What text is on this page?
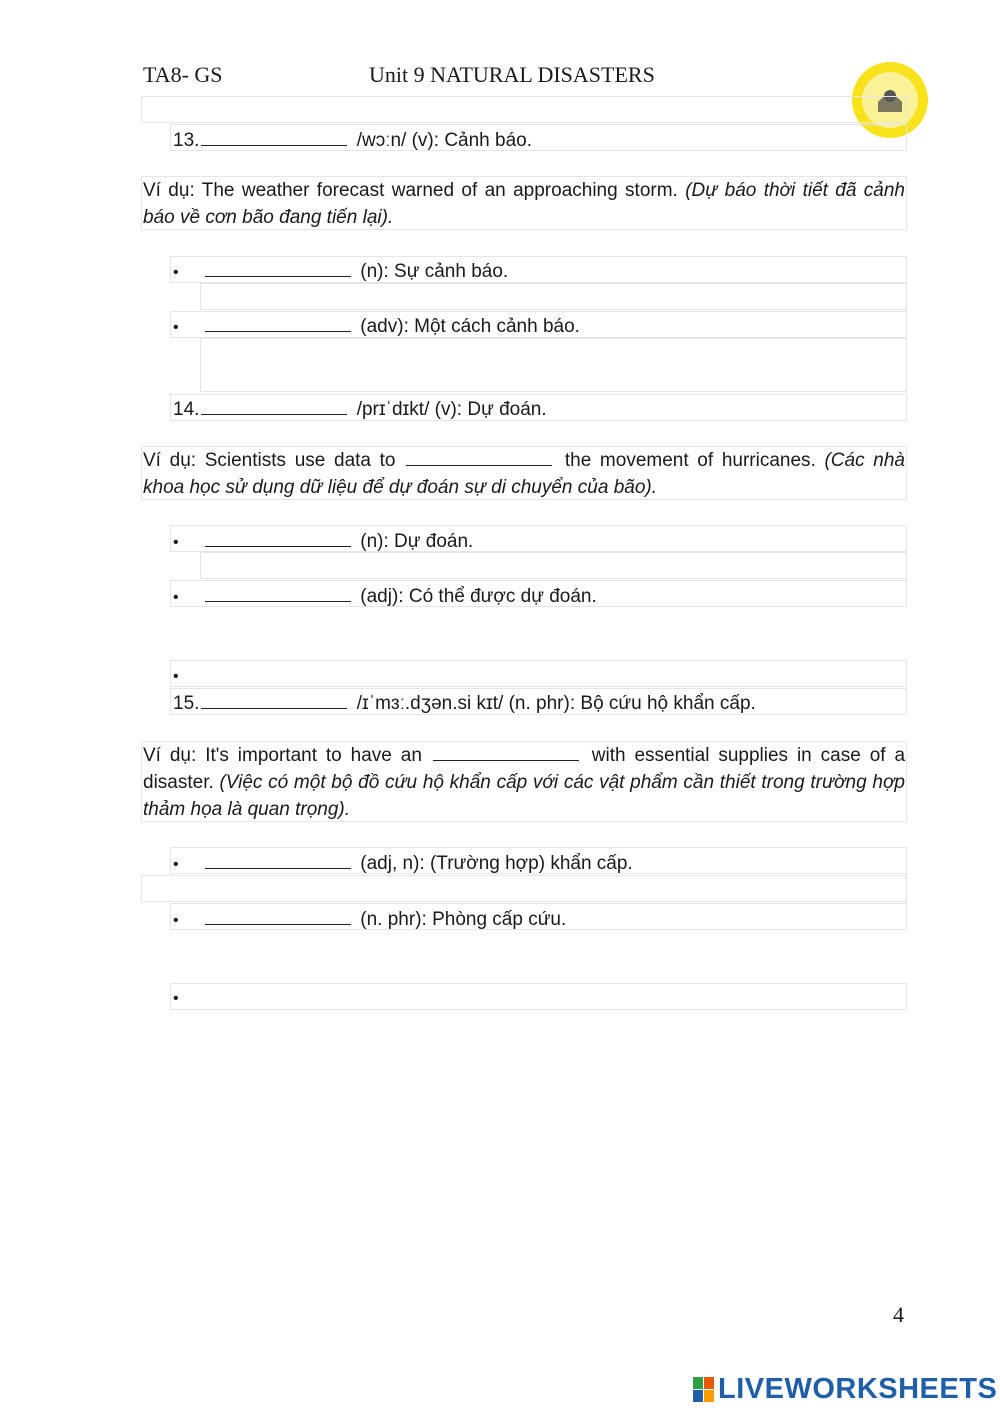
TA8- GS	Unit 9 NATURAL DISASTERS
13.	/wɔːn/ (v): Cảnh báo.
Ví dụ: The weather forecast warned of an approaching storm. (Dự báo thời tiết đã cảnh báo về cơn bão đang tiến lại).
•	(n): Sự cảnh báo.
•	(adv): Một cách cảnh báo.
14.	/prɪˈdɪkt/ (v): Dự đoán.
Ví dụ: Scientists use data to	the movement of hurricanes. (Các nhà khoa học sử dụng dữ liệu để dự đoán sự di chuyển của bão).
•	(n): Dự đoán.
•	(adj): Có thể được dự đoán.
•
15.	/ɪˈmɜː.dʒən.si kɪt/ (n. phr): Bộ cứu hộ khẩn cấp.
Ví dụ: It's important to have an	with essential supplies in case of a disaster. (Việc có một bộ đồ cứu hộ khẩn cấp với các vật phẩm cần thiết trong trường hợp thảm họa là quan trọng).
•	(adj, n): (Trường hợp) khẩn cấp.
•	(n. phr): Phòng cấp cứu.
•
4
LIVEWORKSHEETS
